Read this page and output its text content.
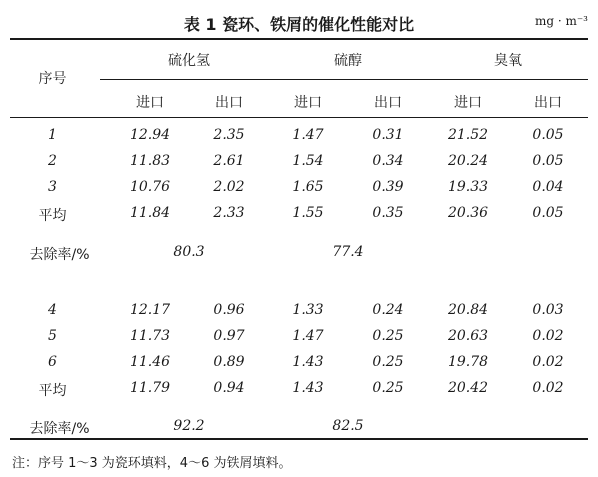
表 1 瓷环、铁屑的催化性能对比	mg · m⁻³
序号
硫化氢	硫醇	臭氧
进口	出口	进口	出口	进口	出口
1	12.94	2.35	1.47	0.31	21.52	0.05
2	11.83	2.61	1.54	0.34	20.24	0.05
3	10.76	2.02	1.65	0.39	19.33	0.04
平均	11.84	2.33	1.55	0.35	20.36	0.05
去除率/%	80.3	77.4
4	12.17	0.96	1.33	0.24	20.84	0.03
5	11.73	0.97	1.47	0.25	20.63	0.02
6	11.46	0.89	1.43	0.25	19.78	0.02
平均	11.79	0.94	1.43	0.25	20.42	0.02
去除率/%	92.2	82.5
注：序号 1～3 为瓷环填料，4～6 为铁屑填料。
